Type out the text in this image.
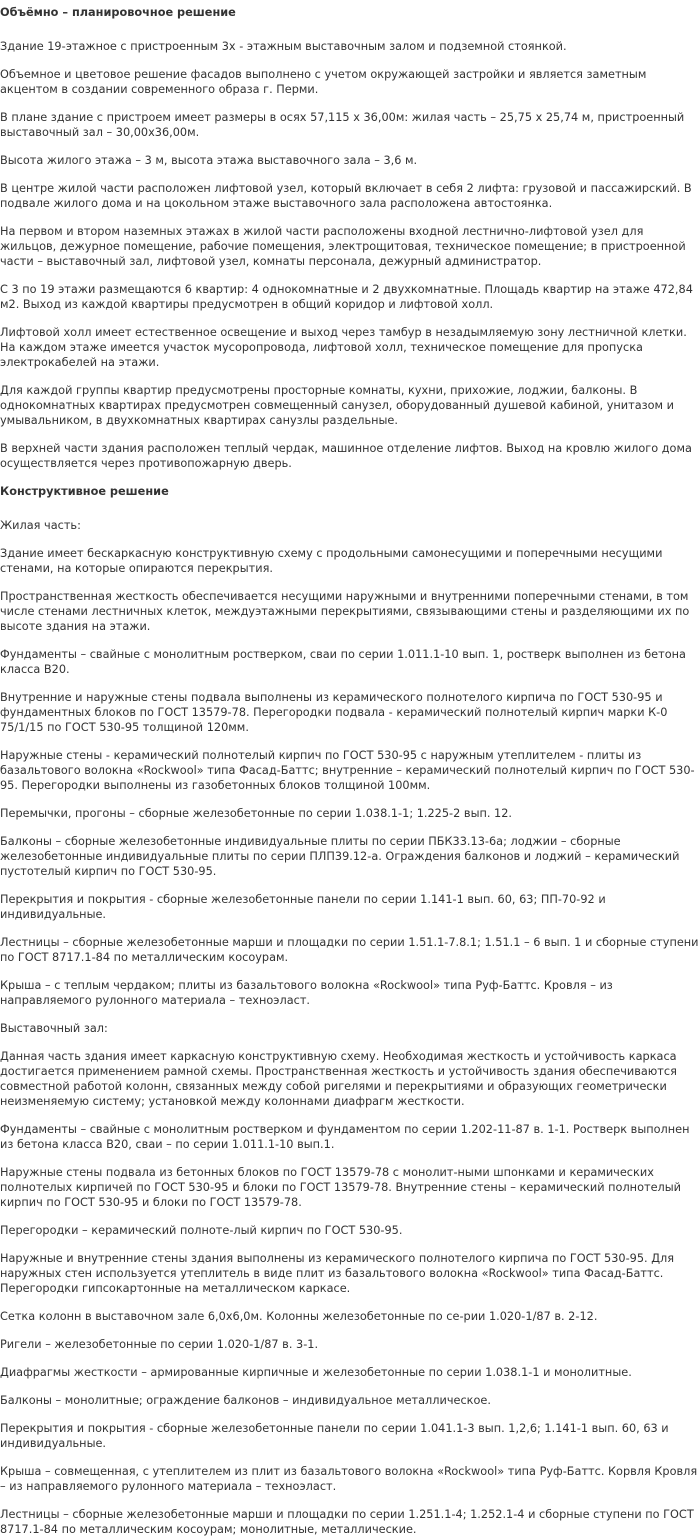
Объёмно – планировочное решение

Здание 19-этажное с пристроенным 3х - этажным выставочным залом и подземной стоянкой.

Объемное и цветовое решение фасадов выполнено с учетом окружающей застройки и является заметным акцентом в создании современного образа г. Перми.

В плане здание с пристроем имеет размеры в осях 57,115 х 36,00м: жилая часть – 25,75 х 25,74 м, пристроенный выставочный зал – 30,00х36,00м.

Высота жилого этажа – 3 м, высота этажа выставочного зала – 3,6 м.

В центре жилой части расположен лифтовой узел, который включает в себя 2 лифта: грузовой и пассажирский. В подвале жилого дома и на цокольном этаже выставочного зала расположена автостоянка.

На первом и втором наземных этажах в жилой части расположены входной лестнично-лифтовой узел для жильцов, дежурное помещение, рабочие помещения, электрощитовая, техническое помещение; в пристроенной части – выставочный зал, лифтовой узел, комнаты персонала, дежурный администратор.

С 3 по 19 этажи размещаются 6 квартир: 4 однокомнатные и 2 двухкомнатные. Площадь квартир на этаже 472,84 м2. Выход из каждой квартиры предусмотрен в общий коридор и лифтовой холл.

Лифтовой холл имеет естественное освещение и выход через тамбур в незадымляемую зону лестничной клетки. На каждом этаже имеется участок мусоропровода, лифтовой холл, техническое помещение для пропуска электрокабелей на этажи.

Для каждой группы квартир предусмотрены просторные комнаты, кухни, прихожие, лоджии, балконы. В однокомнатных квартирах предусмотрен совмещенный санузел, оборудованный душевой кабиной, унитазом и умывальником, в двухкомнатных квартирах санузлы раздельные.

В верхней части здания расположен теплый чердак, машинное отделение лифтов. Выход на кровлю жилого дома осуществляется через противопожарную дверь.

Конструктивное решение

Жилая часть:

Здание имеет бескаркасную конструктивную схему с продольными самонесущими и поперечными несущими стенами, на которые опираются перекрытия.

Пространственная жесткость обеспечивается несущими наружными и внутренними поперечными стенами, в том числе стенами лестничных клеток, междуэтажными перекрытиями, связывающими стены и разделяющими их по высоте здания на этажи.

Фундаменты – свайные с монолитным ростверком, сваи по серии 1.011.1-10 вып. 1, ростверк выполнен из бетона класса В20.

Внутренние и наружные стены подвала выполнены из керамического полнотелого кирпича по ГОСТ 530-95 и фундаментных блоков по ГОСТ 13579-78. Перегородки подвала - керамический полнотелый кирпич марки К-0 75/1/15 по ГОСТ 530-95 толщиной 120мм.

Наружные стены - керамический полнотелый кирпич по ГОСТ 530-95 с наружным утеплителем - плиты из базальтового волокна «Rockwool» типа Фасад-Баттс; внутренние – керамический полнотелый кирпич по ГОСТ 530-95. Перегородки выполнены из газобетонных блоков толщиной 100мм.

Перемычки, прогоны – сборные железобетонные по серии 1.038.1-1; 1.225-2 вып. 12.

Балконы – сборные железобетонные индивидуальные плиты по серии ПБК33.13-6а; лоджии – сборные железобетонные индивидуальные плиты по серии ПЛП39.12-а. Ограждения балконов и лоджий – керамический пустотелый кирпич по ГОСТ 530-95.

Перекрытия и покрытия - сборные железобетонные панели по серии 1.141-1 вып. 60, 63; ПП-70-92 и индивидуальные.

Лестницы – сборные железобетонные марши и площадки по серии 1.51.1-7.8.1; 1.51.1 – 6 вып. 1 и сборные ступени по ГОСТ 8717.1-84 по металлическим косоурам.

Крыша – с теплым чердаком; плиты из базальтового волокна «Rockwool» типа Руф-Баттс. Кровля – из направляемого рулонного материала – техноэласт.

Выставочный зал:

Данная часть здания имеет каркасную конструктивную схему. Необходимая жесткость и устойчивость каркаса достигается применением рамной схемы. Пространственная жесткость и устойчивость здания обеспечиваются совместной работой колонн, связанных между собой ригелями и перекрытиями и образующих геометрически неизменяемую систему; установкой между колоннами диафрагм жесткости.

Фундаменты – свайные с монолитным ростверком и фундаментом по серии 1.202-11-87 в. 1-1. Ростверк выполнен из бетона класса В20, сваи – по серии 1.011.1-10 вып.1.

Наружные стены подвала из бетонных блоков по ГОСТ 13579-78 с монолит-ными шпонками и керамических полнотелых кирпичей по ГОСТ 530-95 и блоки по ГОСТ 13579-78. Внутренние стены – керамический полнотелый кирпич по ГОСТ 530-95 и блоки по ГОСТ 13579-78.

Перегородки – керамический полноте-лый кирпич по ГОСТ 530-95.

Наружные и внутренние стены здания выполнены из керамического полнотелого кирпича по ГОСТ 530-95. Для наружных стен используется утеплитель в виде плит из базальтового волокна «Rockwool» типа Фасад-Баттс. Перегородки гипсокартонные на металлическом каркасе.

Сетка колонн в выставочном зале 6,0х6,0м. Колонны железобетонные по се-рии 1.020-1/87 в. 2-12.

Ригели – железобетонные по серии 1.020-1/87 в. 3-1.

Диафрагмы жесткости – армированные кирпичные и железобетонные по серии 1.038.1-1 и монолитные.

Балконы – монолитные; ограждение балконов – индивидуальное металлическое.

Перекрытия и покрытия - сборные железобетонные панели по серии 1.041.1-3 вып. 1,2,6; 1.141-1 вып. 60, 63 и индивидуальные.

Крыша – совмещенная, с утеплителем из плит из базальтового волокна «Rockwool» типа Руф-Баттс. Корвля Кровля – из направляемого рулонного материала – техноэласт.

Лестницы – сборные железобетонные марши и площадки по серии 1.251.1-4; 1.252.1-4 и сборные ступени по ГОСТ 8717.1-84 по металлическим косоурам; монолитные, металлические.
